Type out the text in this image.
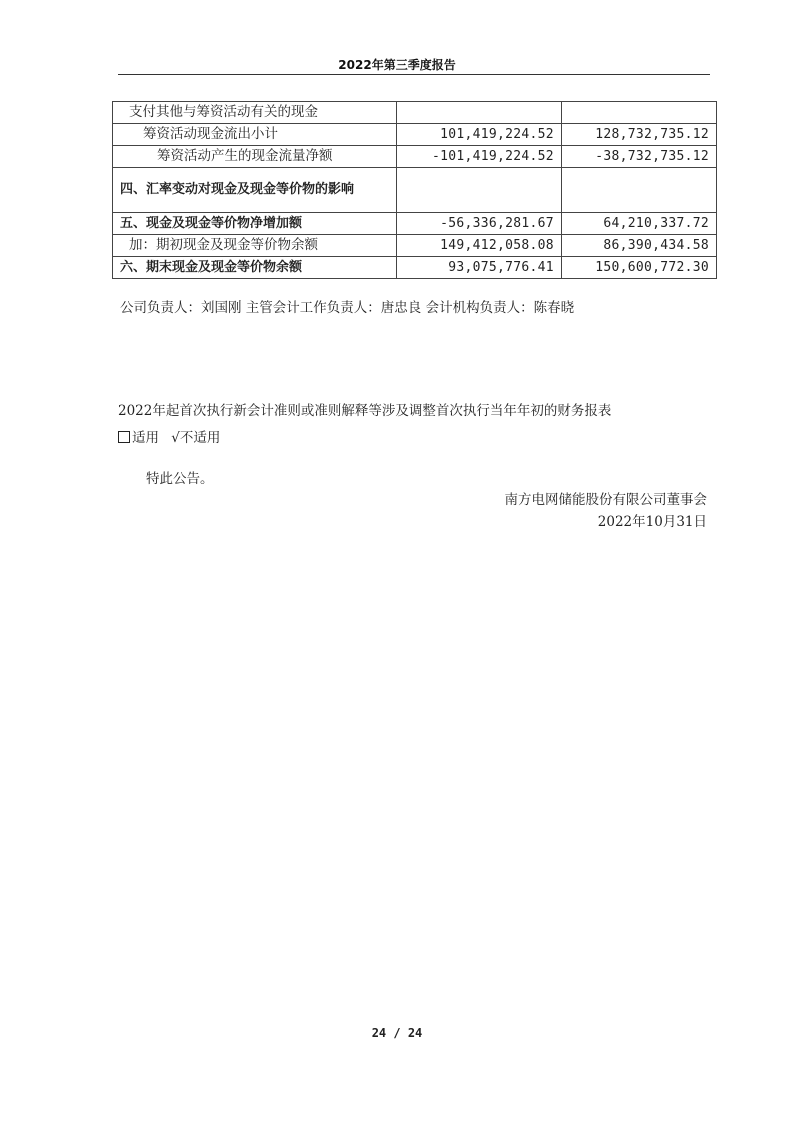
2022年第三季度报告
支付其他与筹资活动有关的现金		
筹资活动现金流出小计	101,419,224.52	128,732,735.12
筹资活动产生的现金流量净额	-101,419,224.52	-38,732,735.12
四、汇率变动对现金及现金等价物的影响		
五、现金及现金等价物净增加额	-56,336,281.67	64,210,337.72
加：期初现金及现金等价物余额	149,412,058.08	86,390,434.58
六、期末现金及现金等价物余额	93,075,776.41	150,600,772.30
公司负责人：刘国刚 主管会计工作负责人：唐忠良 会计机构负责人：陈春晓
2022年起首次执行新会计准则或准则解释等涉及调整首次执行当年年初的财务报表
适用 √不适用
特此公告。
南方电网储能股份有限公司董事会
2022年10月31日
24 / 24
